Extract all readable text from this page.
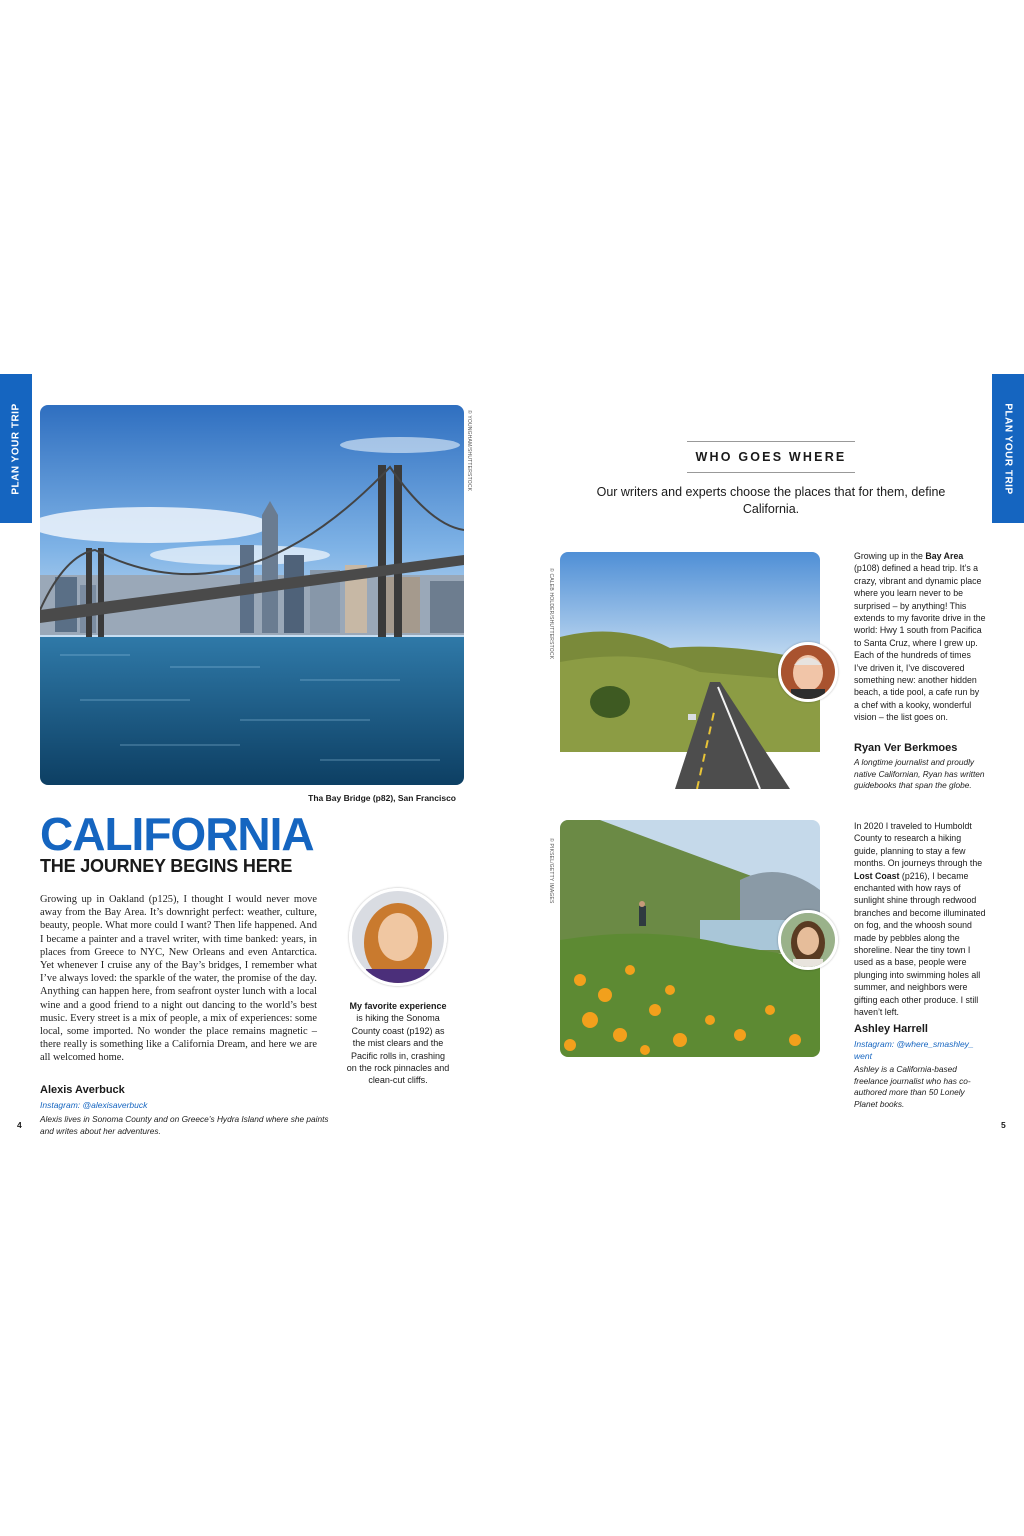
PLAN YOUR TRIP	PLAN YOUR TRIP
© YOUNGHAM/SHUTTERSTOCK
Tha Bay Bridge (p82), San Francisco
CALIFORNIA
THE JOURNEY BEGINS HERE
Growing up in Oakland (p125), I thought I would never move away from the Bay Area. It’s downright perfect: weather, culture, beauty, people. What more could I want? Then life happened. And I became a painter and a travel writer, with time banked: years, in places from Greece to NYC, New Orleans and even Antarctica. Yet whenever I cruise any of the Bay’s bridges, I remember what I’ve always loved: the sparkle of the water, the promise of the day. Anything can happen here, from seafront oyster lunch with a local wine and a good friend to a night out dancing to the world’s best music. Every street is a mix of people, a mix of experiences: some local, some imported. No wonder the place remains magnetic – there really is something like a California Dream, and here we are all welcomed home.
Alexis Averbuck
Instagram: @alexisaverbuck
Alexis lives in Sonoma County and on Greece’s Hydra Island where she paints and writes about her adventures.
My favorite experience is hiking the Sonoma County coast (p192) as the mist clears and the Pacific rolls in, crashing on the rock pinnacles and clean-cut cliffs.
4	5
WHO GOES WHERE
Our writers and experts choose the places that for them, define California.
© CALEB HOLDER/SHUTTERSTOCK
Growing up in the Bay Area (p108) defined a head trip. It’s a crazy, vibrant and dynamic place where you learn never to be surprised – by anything! This extends to my favorite drive in the world: Hwy 1 south from Pacifica to Santa Cruz, where I grew up. Each of the hundreds of times I’ve driven it, I’ve discovered something new: another hidden beach, a tide pool, a cafe run by a chef with a kooky, wonderful vision – the list goes on.
Ryan Ver Berkmoes
A longtime journalist and proudly native Californian, Ryan has written guidebooks that span the globe.
© PIKSEL/GETTY IMAGES
In 2020 I traveled to Humboldt County to research a hiking guide, planning to stay a few months. On journeys through the Lost Coast (p216), I became enchanted with how rays of sunlight shine through redwood branches and become illuminated on fog, and the whoosh sound made by pebbles along the shoreline. Near the tiny town I used as a base, people were plunging into swimming holes all summer, and neighbors were gifting each other produce. I still haven’t left.
Ashley Harrell
Instagram: @where_smashley_ went
Ashley is a California-based freelance journalist who has co-authored more than 50 Lonely Planet books.
